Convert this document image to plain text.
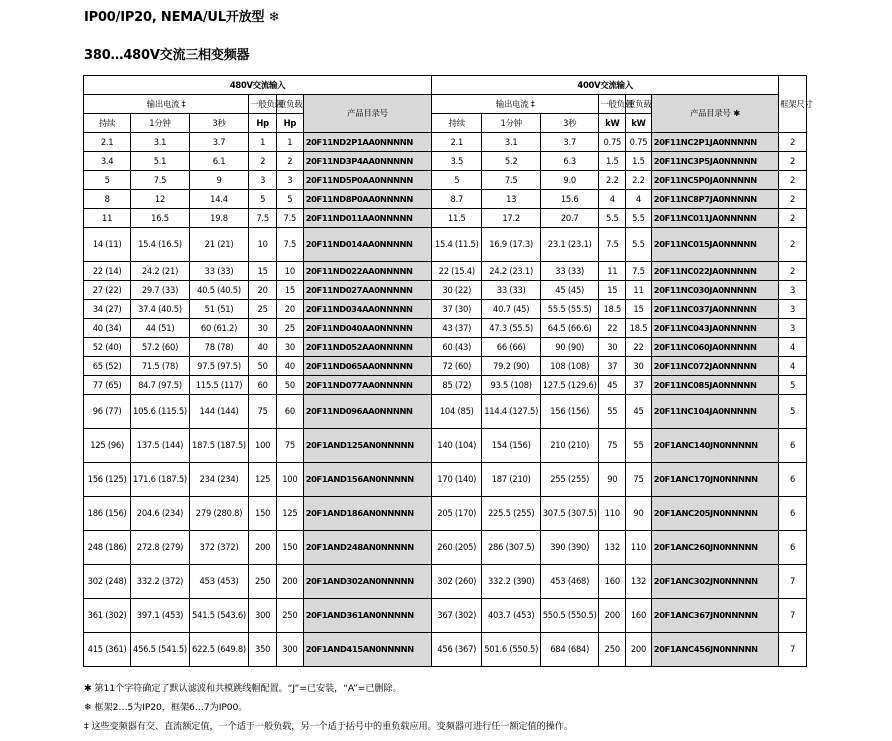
IP00/IP20, NEMA/UL开放型 ❄
380…480V交流三相变频器
480V交流输入						400V交流输入						框架尺寸
输出电流 ‡			一般负载	重负载	产品目录号	输出电流 ‡			一般负载	重负载	产品目录号 ✱	
持续	1分钟	3秒	Hp	Hp		持续	1分钟	3秒	kW	kW		
2.1	3.1	3.7	1	1	20F11ND2P1AA0NNNNN	2.1	3.1	3.7	0.75	0.75	20F11NC2P1JA0NNNNN	2
3.4	5.1	6.1	2	2	20F11ND3P4AA0NNNNN	3.5	5.2	6.3	1.5	1.5	20F11NC3P5JA0NNNNN	2
5	7.5	9	3	3	20F11ND5P0AA0NNNNN	5	7.5	9.0	2.2	2.2	20F11NC5P0JA0NNNNN	2
8	12	14.4	5	5	20F11ND8P0AA0NNNNN	8.7	13	15.6	4	4	20F11NC8P7JA0NNNNN	2
11	16.5	19.8	7.5	7.5	20F11ND011AA0NNNNN	11.5	17.2	20.7	5.5	5.5	20F11NC011JA0NNNNN	2
14 (11)	15.4 (16.5)	21 (21)	10	7.5	20F11ND014AA0NNNNN	15.4 (11.5)	16.9 (17.3)	23.1 (23.1)	7.5	5.5	20F11NC015JA0NNNNN	2
22 (14)	24.2 (21)	33 (33)	15	10	20F11ND022AA0NNNNN	22 (15.4)	24.2 (23.1)	33 (33)	11	7.5	20F11NC022JA0NNNNN	2
27 (22)	29.7 (33)	40.5 (40.5)	20	15	20F11ND027AA0NNNNN	30 (22)	33 (33)	45 (45)	15	11	20F11NC030JA0NNNNN	3
34 (27)	37.4 (40.5)	51 (51)	25	20	20F11ND034AA0NNNNN	37 (30)	40.7 (45)	55.5 (55.5)	18.5	15	20F11NC037JA0NNNNN	3
40 (34)	44 (51)	60 (61.2)	30	25	20F11ND040AA0NNNNN	43 (37)	47.3 (55.5)	64.5 (66.6)	22	18.5	20F11NC043JA0NNNNN	3
52 (40)	57.2 (60)	78 (78)	40	30	20F11ND052AA0NNNNN	60 (43)	66 (66)	90 (90)	30	22	20F11NC060JA0NNNNN	4
65 (52)	71.5 (78)	97.5 (97.5)	50	40	20F11ND065AA0NNNNN	72 (60)	79.2 (90)	108 (108)	37	30	20F11NC072JA0NNNNN	4
77 (65)	84.7 (97.5)	115.5 (117)	60	50	20F11ND077AA0NNNNN	85 (72)	93.5 (108)	127.5 (129.6)	45	37	20F11NC085JA0NNNNN	5
96 (77)	105.6 (115.5)	144 (144)	75	60	20F11ND096AA0NNNNN	104 (85)	114.4 (127.5)	156 (156)	55	45	20F11NC104JA0NNNNN	5
125 (96)	137.5 (144)	187.5 (187.5)	100	75	20F1AND125AN0NNNNN	140 (104)	154 (156)	210 (210)	75	55	20F1ANC140JN0NNNNN	6
156 (125)	171.6 (187.5)	234 (234)	125	100	20F1AND156AN0NNNNN	170 (140)	187 (210)	255 (255)	90	75	20F1ANC170JN0NNNNN	6
186 (156)	204.6 (234)	279 (280.8)	150	125	20F1AND186AN0NNNNN	205 (170)	225.5 (255)	307.5 (307.5)	110	90	20F1ANC205JN0NNNNN	6
248 (186)	272.8 (279)	372 (372)	200	150	20F1AND248AN0NNNNN	260 (205)	286 (307.5)	390 (390)	132	110	20F1ANC260JN0NNNNN	6
302 (248)	332.2 (372)	453 (453)	250	200	20F1AND302AN0NNNNN	302 (260)	332.2 (390)	453 (468)	160	132	20F1ANC302JN0NNNNN	7
361 (302)	397.1 (453)	541.5 (543.6)	300	250	20F1AND361AN0NNNNN	367 (302)	403.7 (453)	550.5 (550.5)	200	160	20F1ANC367JN0NNNNN	7
415 (361)	456.5 (541.5)	622.5 (649.8)	350	300	20F1AND415AN0NNNNN	456 (367)	501.6 (550.5)	684 (684)	250	200	20F1ANC456JN0NNNNN	7
✱ 第11个字符确定了默认滤波和共模跳线帽配置。“J”=已安装，“A”=已删除。
❄ 框架2…5为IP20，框架6…7为IP00。
‡ 这些变频器有交、直流额定值，一个适于一般负载，另一个适于括号中的重负载应用。变频器可进行任一额定值的操作。
